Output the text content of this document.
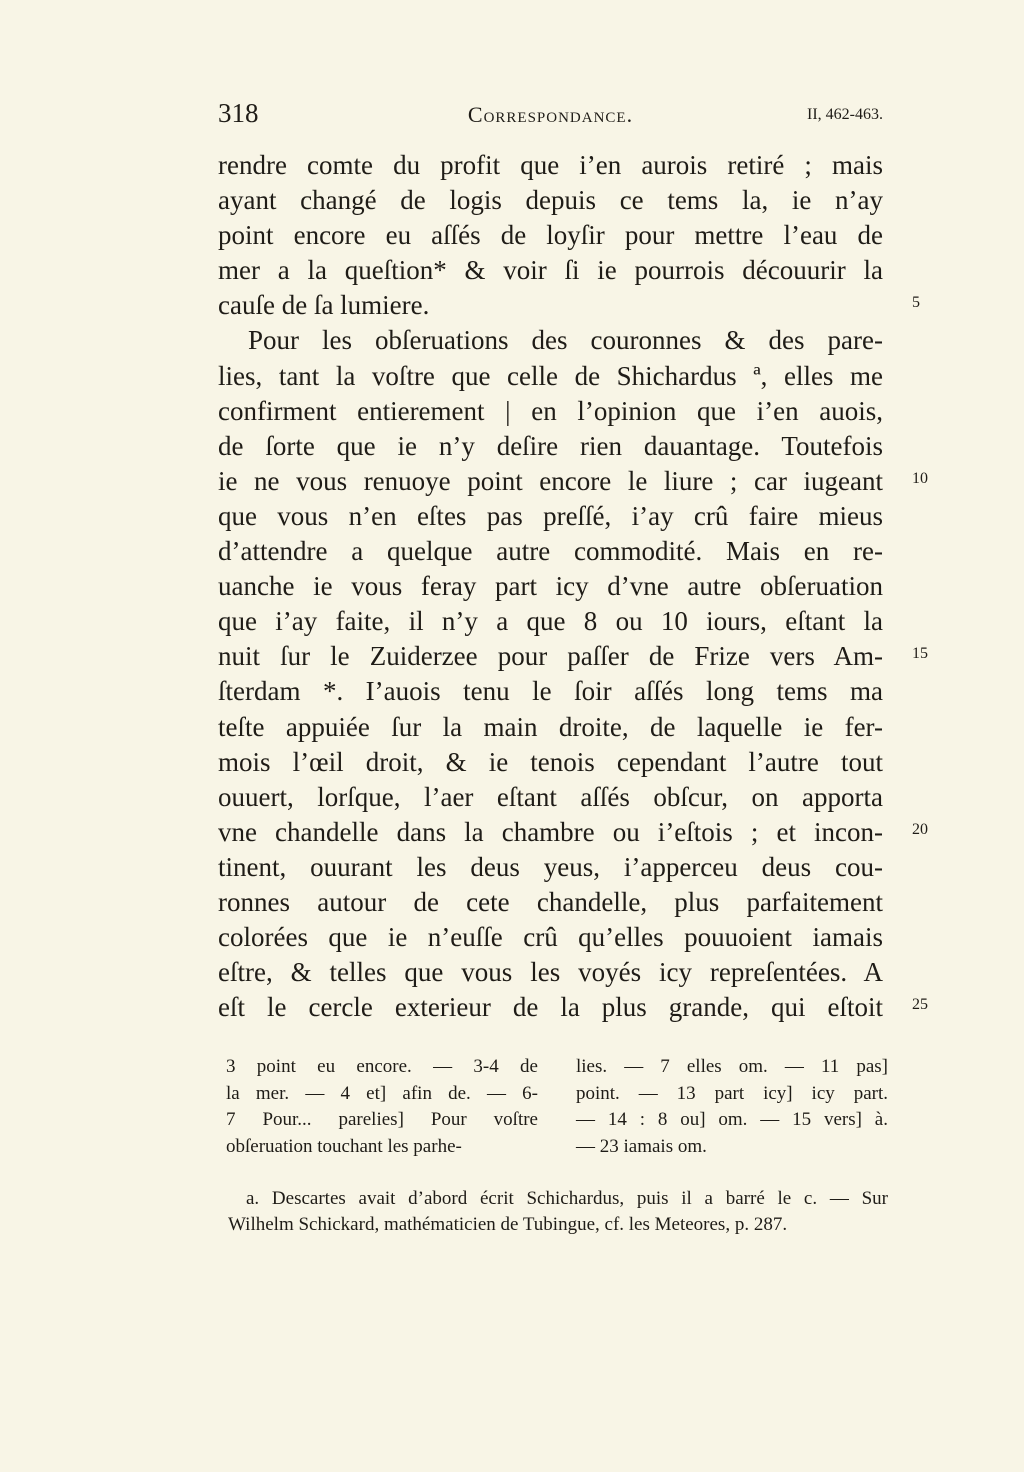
318	Correspondance.	II, 462-463.
rendre comte du profit que i’en aurois retiré ; mais
ayant changé de logis depuis ce tems la, ie n’ay
point encore eu aſſés de loyſir pour mettre l’eau de
mer a la queſtion* & voir ſi ie pourrois découurir la
cauſe de ſa lumiere.
Pour les obſeruations des couronnes & des pare-
lies, tant la voſtre que celle de Shichardus ª, elles me
confirment entierement | en l’opinion que i’en auois,
de ſorte que ie n’y deſire rien dauantage. Toutefois
ie ne vous renuoye point encore le liure ; car iugeant
que vous n’en eſtes pas preſſé, i’ay crû faire mieus
d’attendre a quelque autre commodité. Mais en re-
uanche ie vous feray part icy d’vne autre obſeruation
que i’ay faite, il n’y a que 8 ou 10 iours, eſtant la
nuit ſur le Zuiderzee pour paſſer de Frize vers Am-
ſterdam *. I’auois tenu le ſoir aſſés long tems ma
teſte appuiée ſur la main droite, de laquelle ie fer-
mois l’œil droit, & ie tenois cependant l’autre tout
ouuert, lorſque, l’aer eſtant aſſés obſcur, on apporta
vne chandelle dans la chambre ou i’eſtois ; et incon-
tinent, ouurant les deus yeus, i’apperceu deus cou-
ronnes autour de cete chandelle, plus parfaitement
colorées que ie n’euſſe crû qu’elles pouuoient iamais
eſtre, & telles que vous les voyés icy repreſentées. A
eſt le cercle exterieur de la plus grande, qui eſtoit
5
10
15
20
25
3 point eu encore. — 3-4 de
la mer. — 4 et] afin de. — 6-
7 Pour... parelies] Pour voſtre
obſeruation touchant les parhe-
lies. — 7 elles om. — 11 pas]
point. — 13 part icy] icy part.
— 14 : 8 ou] om. — 15 vers] à.
— 23 iamais om.
a. Descartes avait d’abord écrit Schichardus, puis il a barré le c. — Sur
Wilhelm Schickard, mathématicien de Tubingue, cf. les Meteores, p. 287.
